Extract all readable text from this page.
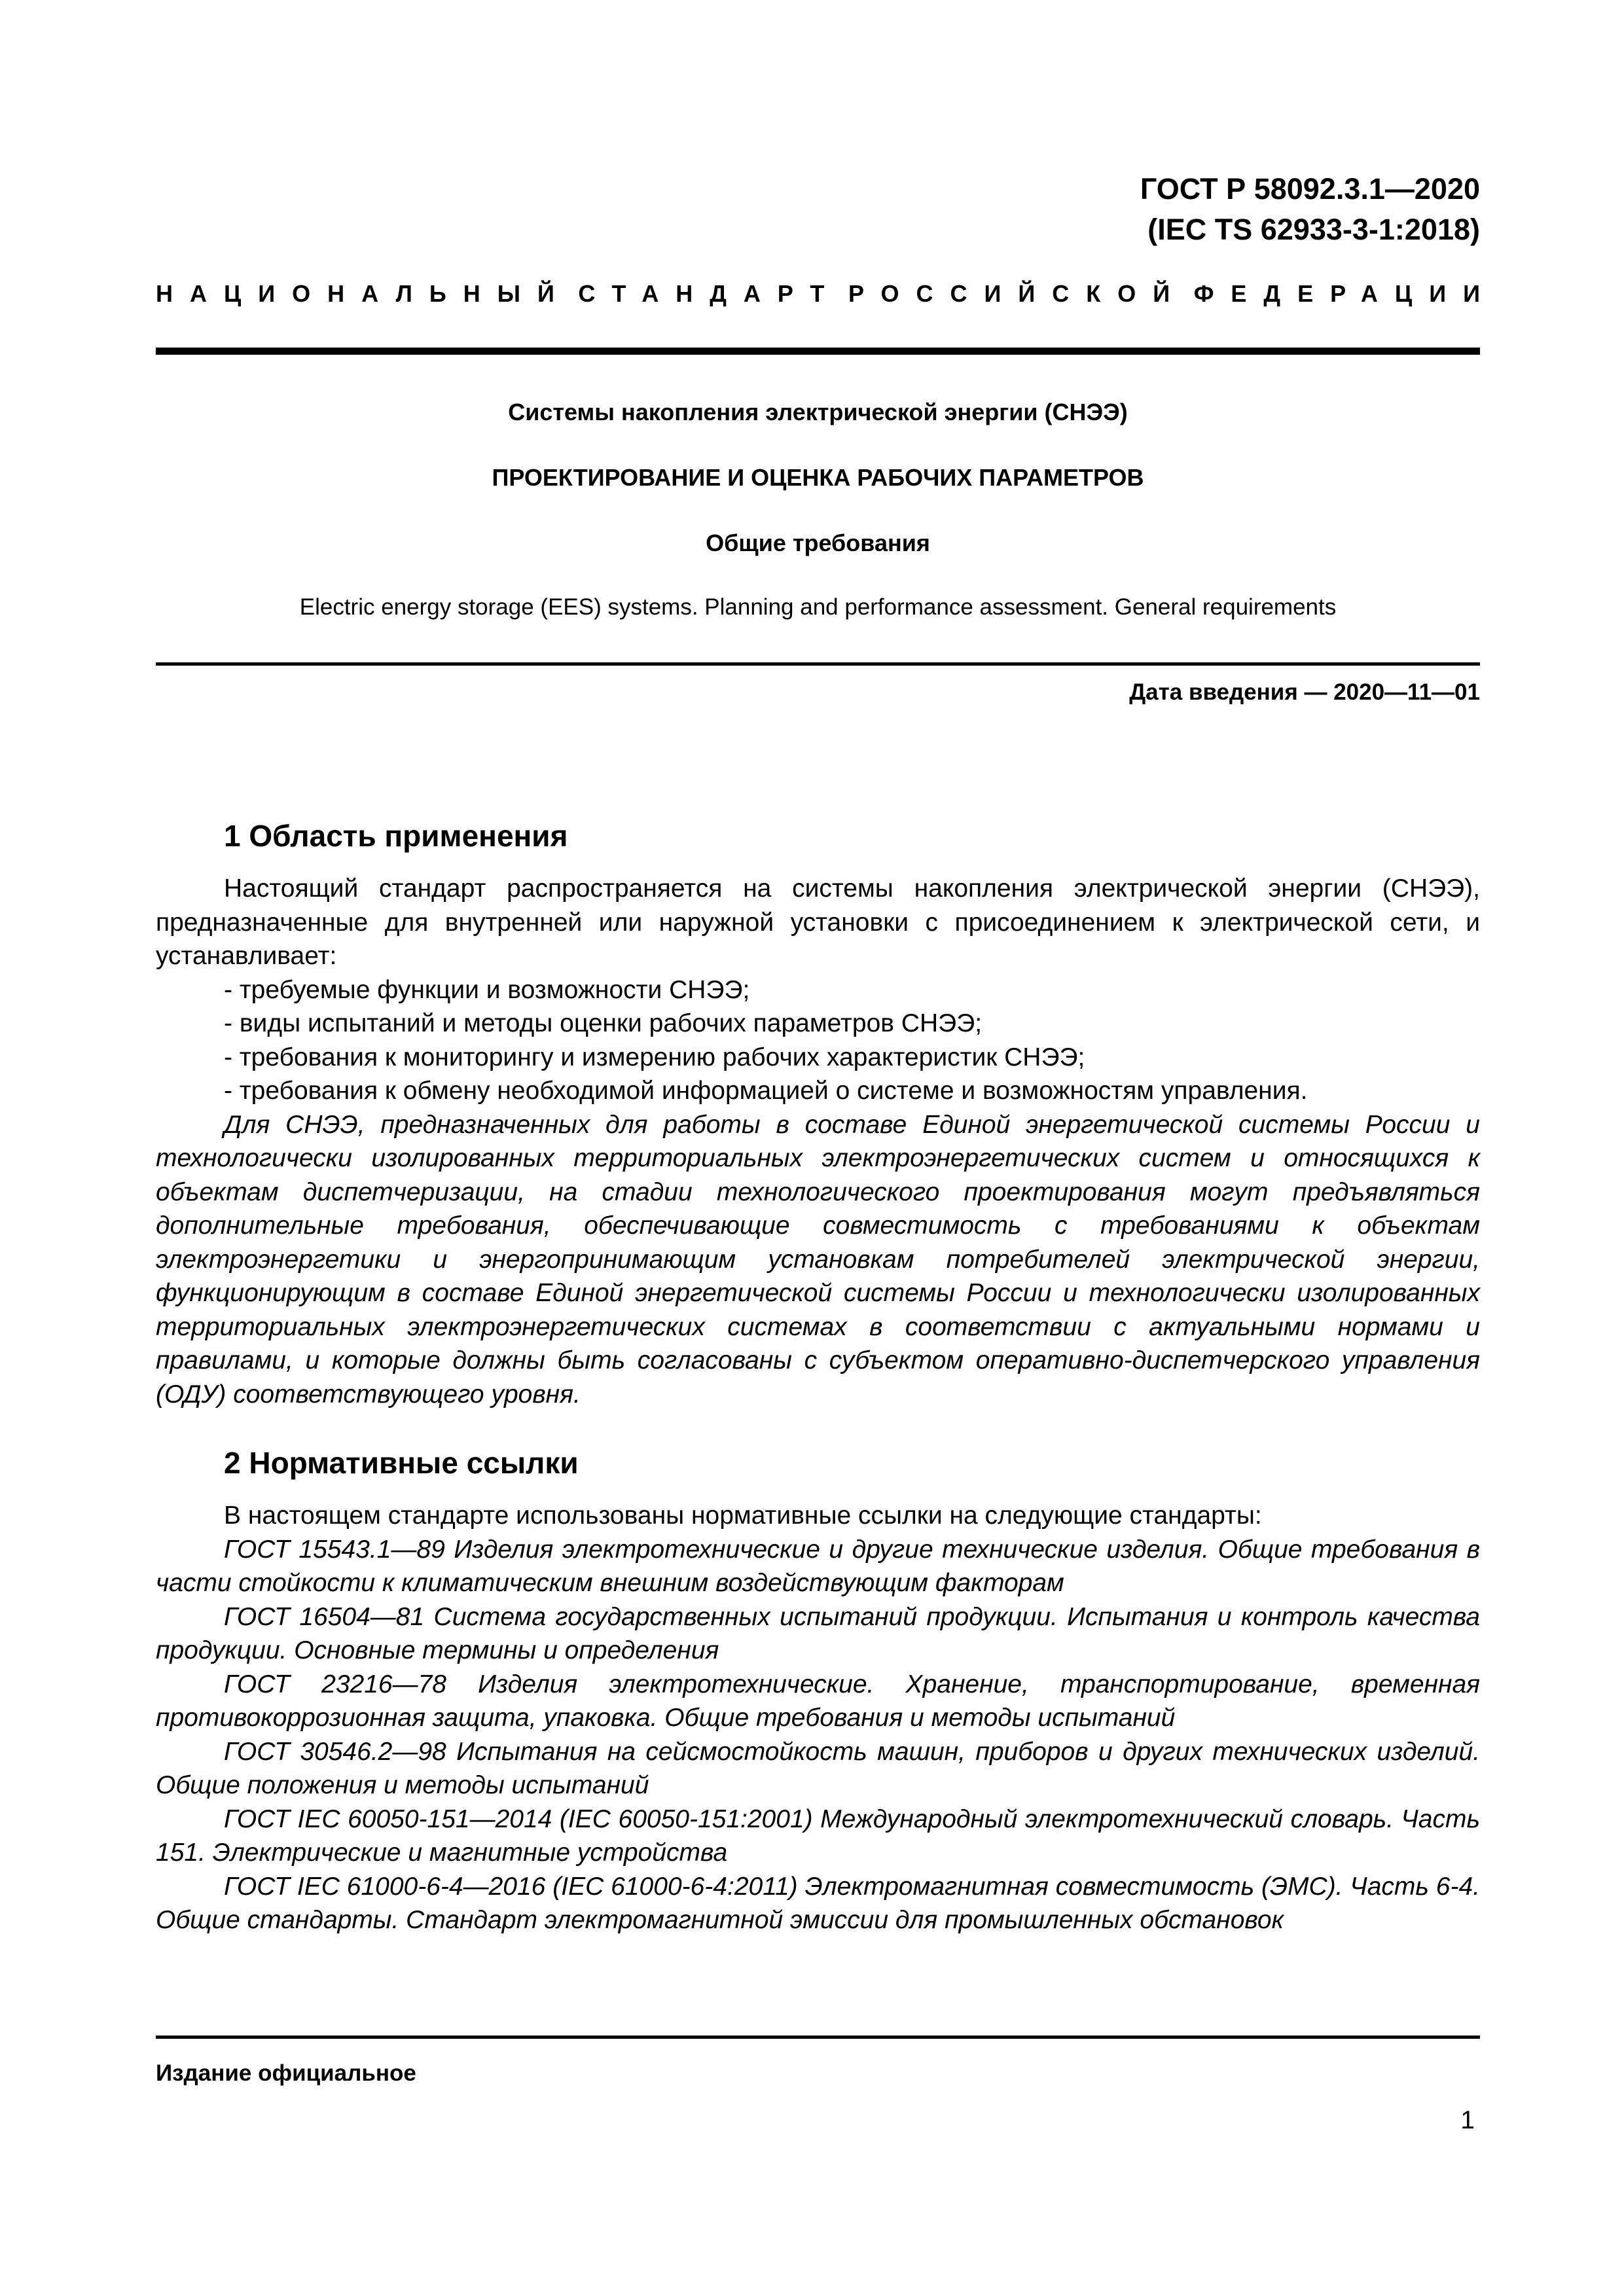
ГОСТ Р 58092.3.1—2020
(IEC TS 62933-3-1:2018)
НАЦИОНАЛЬНЫЙ СТАНДАРТ РОССИЙСКОЙ ФЕДЕРАЦИИ
Системы накопления электрической энергии (СНЭЭ)
ПРОЕКТИРОВАНИЕ И ОЦЕНКА РАБОЧИХ ПАРАМЕТРОВ
Общие требования
Electric energy storage (EES) systems. Planning and performance assessment. General requirements
Дата введения — 2020—11—01
1 Область применения

Настоящий стандарт распространяется на системы накопления электрической энергии (СНЭЭ), предназначенные для внутренней или наружной установки с присоединением к электрической сети, и устанавливает:

- требуемые функции и возможности СНЭЭ;

- виды испытаний и методы оценки рабочих параметров СНЭЭ;

- требования к мониторингу и измерению рабочих характеристик СНЭЭ;

- требования к обмену необходимой информацией о системе и возможностям управления.

Для СНЭЭ, предназначенных для работы в составе Единой энергетической системы России и технологически изолированных территориальных электроэнергетических систем и относящихся к объектам диспетчеризации, на стадии технологического проектирования могут предъявляться дополнительные требования, обеспечивающие совместимость с требованиями к объектам электроэнергетики и энергопринимающим установкам потребителей электрической энергии, функционирующим в составе Единой энергетической системы России и технологически изолированных территориальных электроэнергетических системах в соответствии с актуальными нормами и правилами, и которые должны быть согласованы с субъектом оперативно-диспетчерского управления (ОДУ) соответствующего уровня.

2 Нормативные ссылки

В настоящем стандарте использованы нормативные ссылки на следующие стандарты:

ГОСТ 15543.1—89 Изделия электротехнические и другие технические изделия. Общие требования в части стойкости к климатическим внешним воздействующим факторам

ГОСТ 16504—81 Система государственных испытаний продукции. Испытания и контроль качества продукции. Основные термины и определения

ГОСТ 23216—78 Изделия электротехнические. Хранение, транспортирование, временная противокоррозионная защита, упаковка. Общие требования и методы испытаний

ГОСТ 30546.2—98 Испытания на сейсмостойкость машин, приборов и других технических изделий. Общие положения и методы испытаний

ГОСТ IEC 60050-151—2014 (IEC 60050-151:2001) Международный электротехнический словарь. Часть 151. Электрические и магнитные устройства

ГОСТ IEC 61000-6-4—2016 (IEC 61000-6-4:2011) Электромагнитная совместимость (ЭМС). Часть 6-4. Общие стандарты. Стандарт электромагнитной эмиссии для промышленных обстановок

Издание официальное
1
